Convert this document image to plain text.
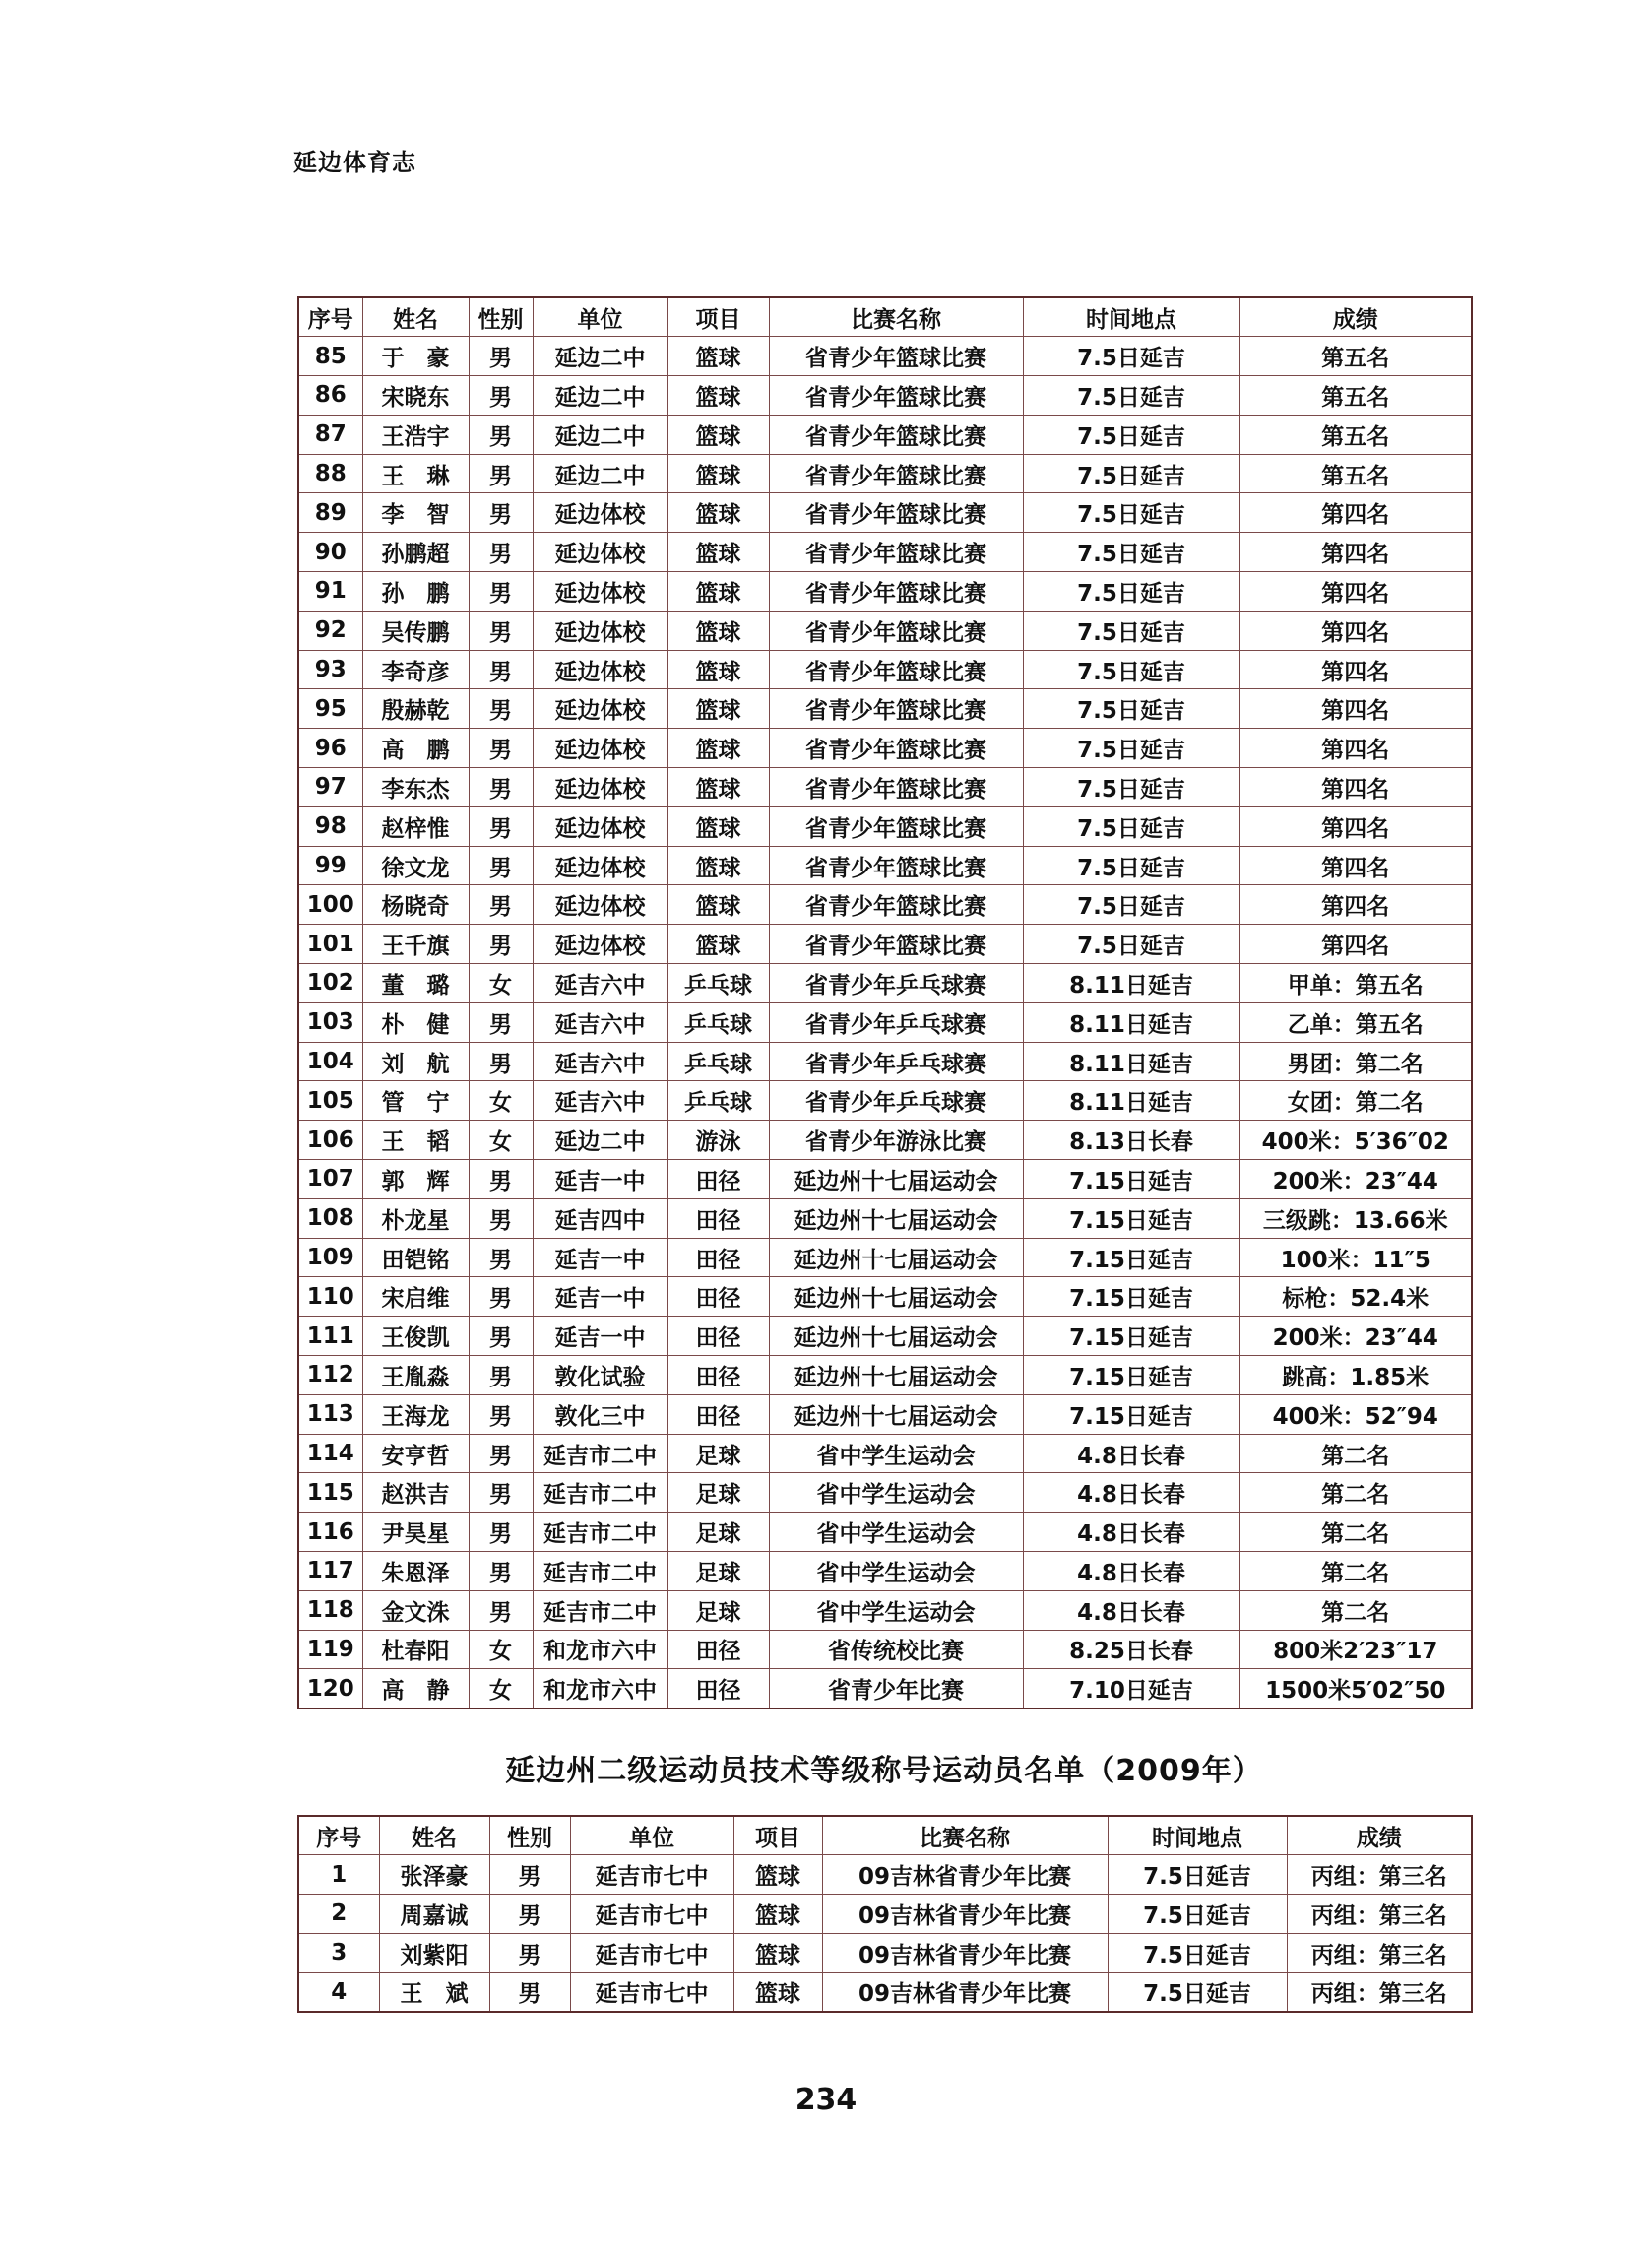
延边体育志
序号	姓名	性别	单位	项目	比赛名称	时间地点	成绩
85	于　豪	男	延边二中	篮球	省青少年篮球比赛	7.5日延吉	第五名
86	宋晓东	男	延边二中	篮球	省青少年篮球比赛	7.5日延吉	第五名
87	王浩宇	男	延边二中	篮球	省青少年篮球比赛	7.5日延吉	第五名
88	王　琳	男	延边二中	篮球	省青少年篮球比赛	7.5日延吉	第五名
89	李　智	男	延边体校	篮球	省青少年篮球比赛	7.5日延吉	第四名
90	孙鹏超	男	延边体校	篮球	省青少年篮球比赛	7.5日延吉	第四名
91	孙　鹏	男	延边体校	篮球	省青少年篮球比赛	7.5日延吉	第四名
92	吴传鹏	男	延边体校	篮球	省青少年篮球比赛	7.5日延吉	第四名
93	李奇彦	男	延边体校	篮球	省青少年篮球比赛	7.5日延吉	第四名
95	殷赫乾	男	延边体校	篮球	省青少年篮球比赛	7.5日延吉	第四名
96	高　鹏	男	延边体校	篮球	省青少年篮球比赛	7.5日延吉	第四名
97	李东杰	男	延边体校	篮球	省青少年篮球比赛	7.5日延吉	第四名
98	赵梓惟	男	延边体校	篮球	省青少年篮球比赛	7.5日延吉	第四名
99	徐文龙	男	延边体校	篮球	省青少年篮球比赛	7.5日延吉	第四名
100	杨晓奇	男	延边体校	篮球	省青少年篮球比赛	7.5日延吉	第四名
101	王千旗	男	延边体校	篮球	省青少年篮球比赛	7.5日延吉	第四名
102	董　璐	女	延吉六中	乒乓球	省青少年乒乓球赛	8.11日延吉	甲单：第五名
103	朴　健	男	延吉六中	乒乓球	省青少年乒乓球赛	8.11日延吉	乙单：第五名
104	刘　航	男	延吉六中	乒乓球	省青少年乒乓球赛	8.11日延吉	男团：第二名
105	管　宁	女	延吉六中	乒乓球	省青少年乒乓球赛	8.11日延吉	女团：第二名
106	王　韬	女	延边二中	游泳	省青少年游泳比赛	8.13日长春	400米：5′36″02
107	郭　辉	男	延吉一中	田径	延边州十七届运动会	7.15日延吉	200米：23″44
108	朴龙星	男	延吉四中	田径	延边州十七届运动会	7.15日延吉	三级跳：13.66米
109	田铠铭	男	延吉一中	田径	延边州十七届运动会	7.15日延吉	100米：11″5
110	宋启维	男	延吉一中	田径	延边州十七届运动会	7.15日延吉	标枪：52.4米
111	王俊凯	男	延吉一中	田径	延边州十七届运动会	7.15日延吉	200米：23″44
112	王胤淼	男	敦化试验	田径	延边州十七届运动会	7.15日延吉	跳高：1.85米
113	王海龙	男	敦化三中	田径	延边州十七届运动会	7.15日延吉	400米：52″94
114	安亨哲	男	延吉市二中	足球	省中学生运动会	4.8日长春	第二名
115	赵洪吉	男	延吉市二中	足球	省中学生运动会	4.8日长春	第二名
116	尹昊星	男	延吉市二中	足球	省中学生运动会	4.8日长春	第二名
117	朱恩泽	男	延吉市二中	足球	省中学生运动会	4.8日长春	第二名
118	金文洙	男	延吉市二中	足球	省中学生运动会	4.8日长春	第二名
119	杜春阳	女	和龙市六中	田径	省传统校比赛	8.25日长春	800米2′23″17
120	高　静	女	和龙市六中	田径	省青少年比赛	7.10日延吉	1500米5′02″50
延边州二级运动员技术等级称号运动员名单（2009年）
序号	姓名	性别	单位	项目	比赛名称	时间地点	成绩
1	张泽豪	男	延吉市七中	篮球	09吉林省青少年比赛	7.5日延吉	丙组：第三名
2	周嘉诚	男	延吉市七中	篮球	09吉林省青少年比赛	7.5日延吉	丙组：第三名
3	刘紫阳	男	延吉市七中	篮球	09吉林省青少年比赛	7.5日延吉	丙组：第三名
4	王　斌	男	延吉市七中	篮球	09吉林省青少年比赛	7.5日延吉	丙组：第三名
234
